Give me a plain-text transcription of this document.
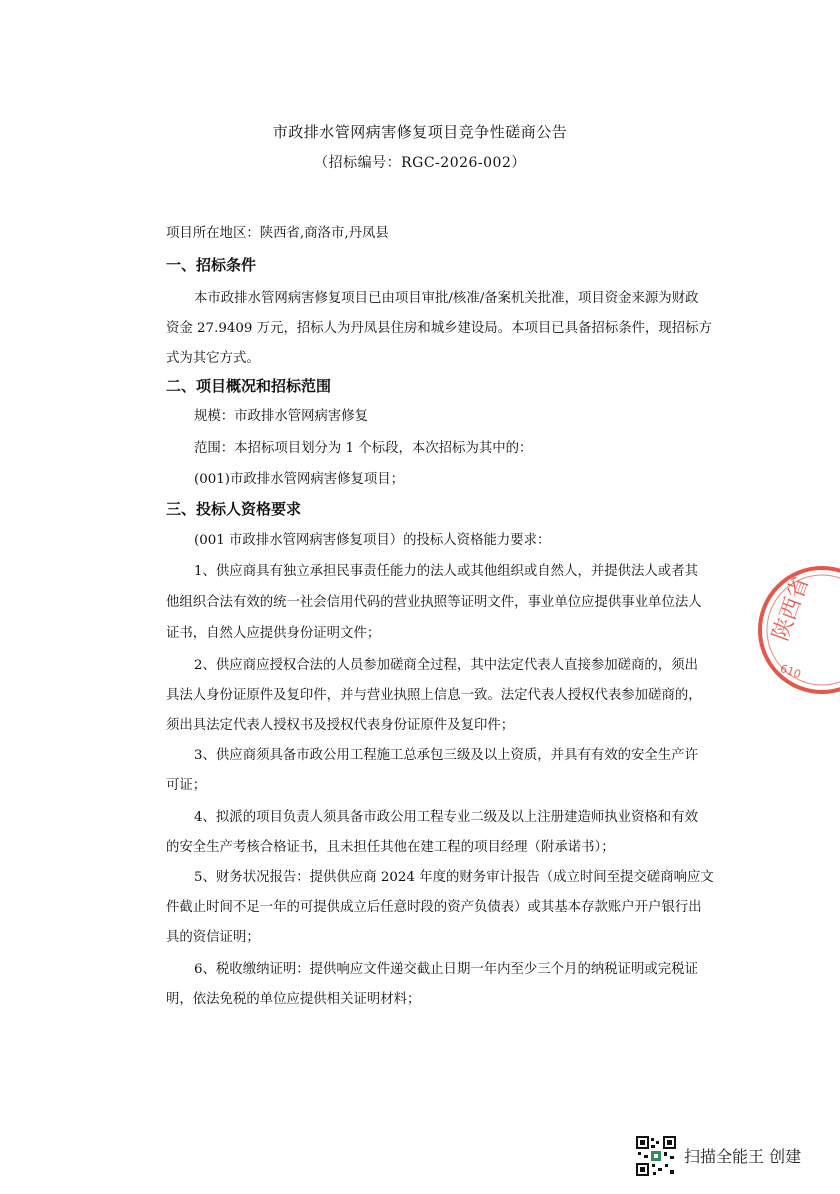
市政排水管网病害修复项目竞争性磋商公告
（招标编号：RGC-2026-002）
项目所在地区：陕西省,商洛市,丹凤县
一、招标条件
本市政排水管网病害修复项目已由项目审批/核准/备案机关批准，项目资金来源为财政
资金 27.9409 万元，招标人为丹凤县住房和城乡建设局。本项目已具备招标条件，现招标方
式为其它方式。
二、项目概况和招标范围
规模：市政排水管网病害修复
范围：本招标项目划分为 1 个标段，本次招标为其中的：
(001)市政排水管网病害修复项目；
三、投标人资格要求
(001 市政排水管网病害修复项目）的投标人资格能力要求：
1、供应商具有独立承担民事责任能力的法人或其他组织或自然人，并提供法人或者其
他组织合法有效的统一社会信用代码的营业执照等证明文件，事业单位应提供事业单位法人
证书，自然人应提供身份证明文件；
2、供应商应授权合法的人员参加磋商全过程，其中法定代表人直接参加磋商的，须出
具法人身份证原件及复印件，并与营业执照上信息一致。法定代表人授权代表参加磋商的，
须出具法定代表人授权书及授权代表身份证原件及复印件；
3、供应商须具备市政公用工程施工总承包三级及以上资质，并具有有效的安全生产许
可证；
4、拟派的项目负责人须具备市政公用工程专业二级及以上注册建造师执业资格和有效
的安全生产考核合格证书，且未担任其他在建工程的项目经理（附承诺书）；
5、财务状况报告：提供供应商 2024 年度的财务审计报告（成立时间至提交磋商响应文
件截止时间不足一年的可提供成立后任意时段的资产负债表）或其基本存款账户开户银行出
具的资信证明；
6、税收缴纳证明：提供响应文件递交截止日期一年内至少三个月的纳税证明或完税证
明，依法免税的单位应提供相关证明材料；
陕西省
610
扫描全能王 创建
